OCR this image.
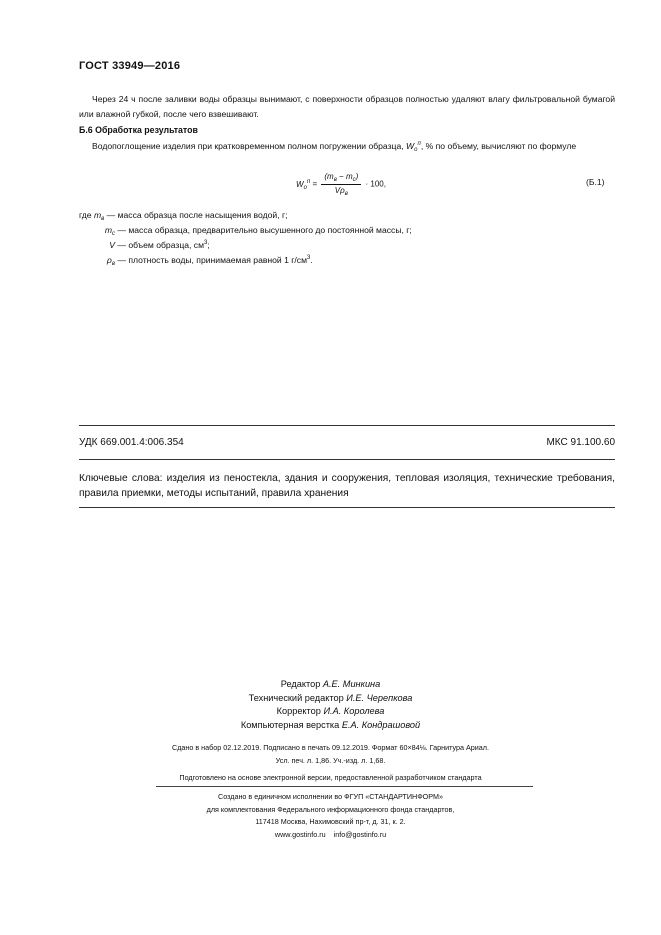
ГОСТ 33949—2016
Через 24 ч после заливки воды образцы вынимают, с поверхности образцов полностью удаляют влагу фильтровальной бумагой или влажной губкой, после чего взвешивают.
Б.6 Обработка результатов
Водопоглощение изделия при кратковременном полном погружении образца, $W_o^п$, % по объему, вычисляют по формуле
$W_o^п = \frac{(m_в - m_c)}{V\rho_в} \cdot 100$,	(Б.1)
где $m_в$ — масса образца после насыщения водой, г;
$m_c$ — масса образца, предварительно высушенного до постоянной массы, г;
V — объем образца, $см^3$;
$\rho_в$ — плотность воды, принимаемая равной 1 $г/см^3$.
УДК 669.001.4:006.354	МКС 91.100.60
Ключевые слова: изделия из пеностекла, здания и сооружения, тепловая изоляция, технические требования, правила приемки, методы испытаний, правила хранения
Редактор А.Е. Минкина
Технический редактор И.Е. Черепкова
Корректор И.А. Королева
Компьютерная верстка Е.А. Кондрашовой
Сдано в набор 02.12.2019. Подписано в печать 09.12.2019. Формат 60×84⅛. Гарнитура Ариал.
Усл. печ. л. 1,86. Уч.-изд. л. 1,68.
Подготовлено на основе электронной версии, предоставленной разработчиком стандарта
Создано в единичном исполнении во ФГУП «СТАНДАРТИНФОРМ»
для комплектования Федерального информационного фонда стандартов,
117418 Москва, Нахимовский пр-т, д. 31, к. 2.
www.gostinfo.ru info@gostinfo.ru
